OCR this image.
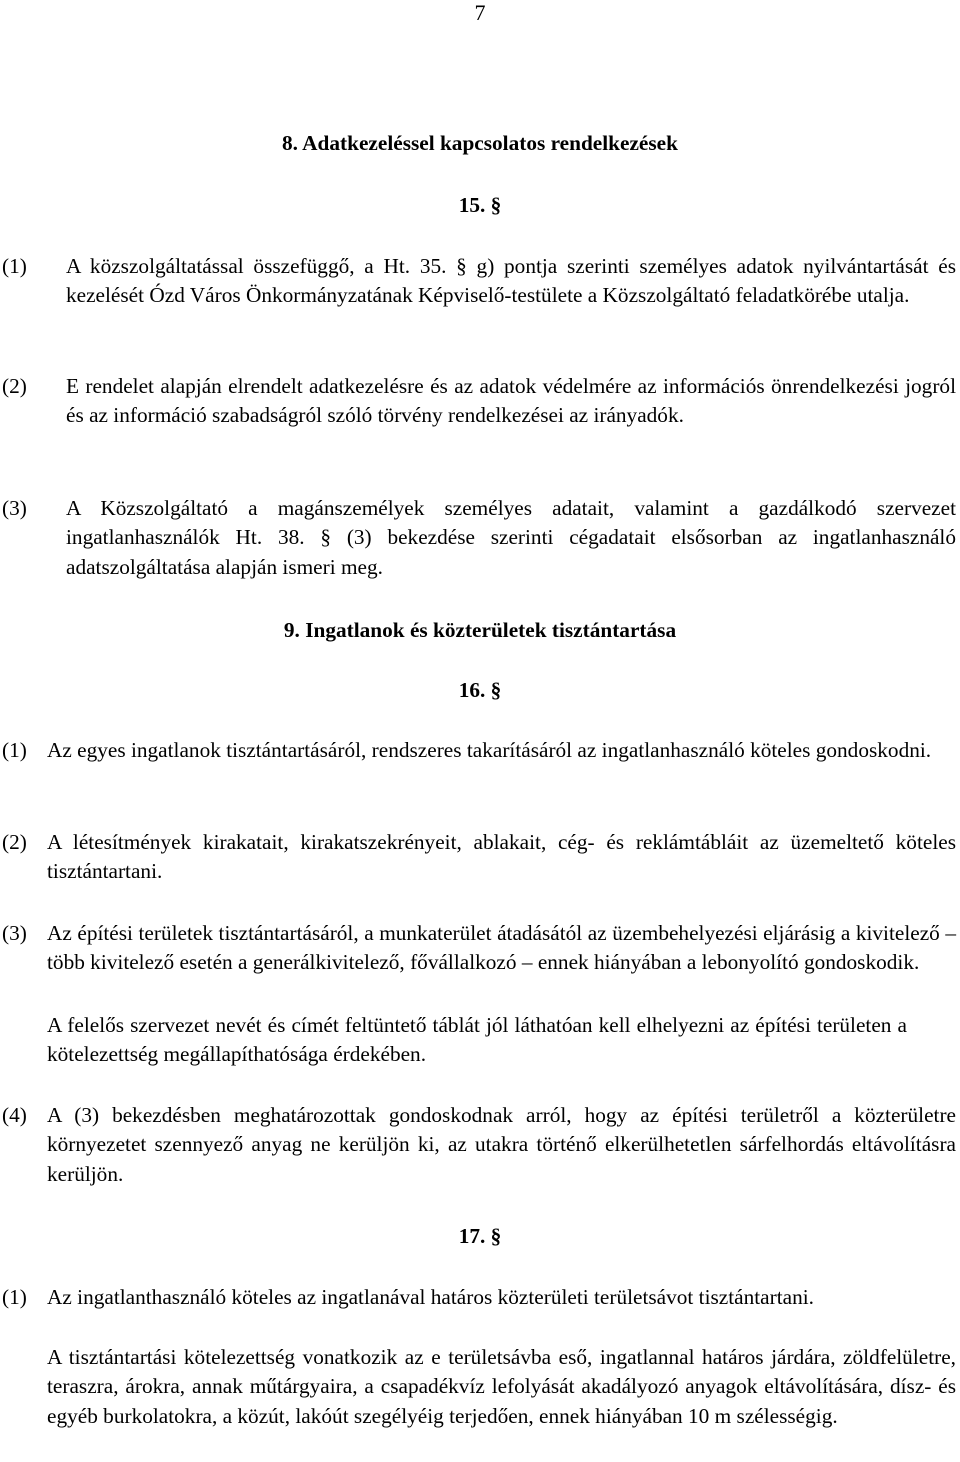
7
8. Adatkezeléssel kapcsolatos rendelkezések
15. §
(1) A közszolgáltatással összefüggő, a Ht. 35. § g) pontja szerinti személyes adatok nyilvántartását és kezelését Ózd Város Önkormányzatának Képviselő-testülete a Közszolgáltató feladatkörébe utalja.
(2) E rendelet alapján elrendelt adatkezelésre és az adatok védelmére az információs önrendelkezési jogról és az információ szabadságról szóló törvény rendelkezései az irányadók.
(3) A Közszolgáltató a magánszemélyek személyes adatait, valamint a gazdálkodó szervezet ingatlanhasználók Ht. 38. § (3) bekezdése szerinti cégadatait elsősorban az ingatlanhasználó adatszolgáltatása alapján ismeri meg.
9. Ingatlanok és közterületek tisztántartása
16. §
(1) Az egyes ingatlanok tisztántartásáról, rendszeres takarításáról az ingatlanhasználó köteles gondoskodni.
(2) A létesítmények kirakatait, kirakatszekrényeit, ablakait, cég- és reklámtábláit az üzemeltető köteles tisztántartani.
(3) Az építési területek tisztántartásáról, a munkaterület átadásától az üzembehelyezési eljárásig a kivitelező – több kivitelező esetén a generálkivitelező, fővállalkozó – ennek hiányában a lebonyolító gondoskodik.
A felelős szervezet nevét és címét feltüntető táblát jól láthatóan kell elhelyezni az építési területen a kötelezettség megállapíthatósága érdekében.
(4) A (3) bekezdésben meghatározottak gondoskodnak arról, hogy az építési területről a közterületre környezetet szennyező anyag ne kerüljön ki, az utakra történő elkerülhetetlen sárfelhordás eltávolításra kerüljön.
17. §
(1) Az ingatlanthasználó köteles az ingatlanával határos közterületi területsávot tisztántartani.
A tisztántartási kötelezettség vonatkozik az e területsávba eső, ingatlannal határos járdára, zöldfelületre, teraszra, árokra, annak műtárgyaira, a csapadékvíz lefolyását akadályozó anyagok eltávolítására, dísz- és egyéb burkolatokra, a közút, lakóút szegélyéig terjedően, ennek hiányában 10 m szélességig.
